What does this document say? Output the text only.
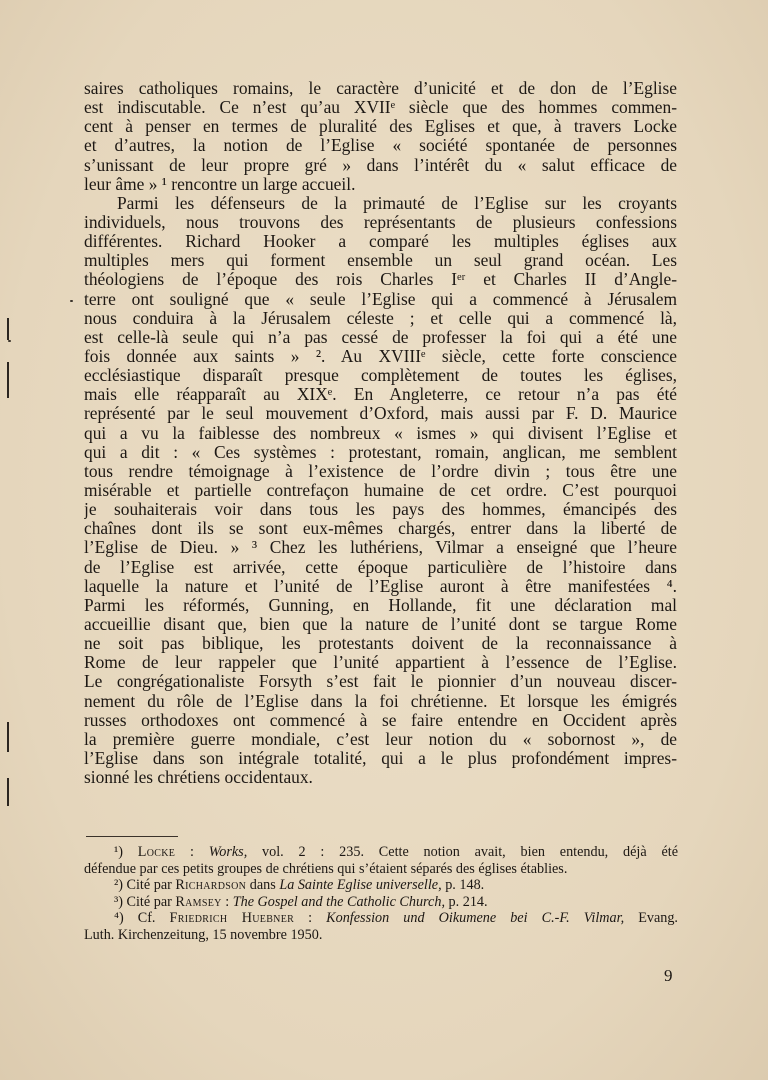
saires catholiques romains, le caractère d’unicité et de don de l’Eglise
est indiscutable. Ce n’est qu’au XVIIᵉ siècle que des hommes commen-
cent à penser en termes de pluralité des Eglises et que, à travers Locke
et d’autres, la notion de l’Eglise « société spontanée de personnes
s’unissant de leur propre gré » dans l’intérêt du « salut efficace de
leur âme » ¹ rencontre un large accueil.
Parmi les défenseurs de la primauté de l’Eglise sur les croyants
individuels, nous trouvons des représentants de plusieurs confessions
différentes. Richard Hooker a comparé les multiples églises aux
multiples mers qui forment ensemble un seul grand océan. Les
théologiens de l’époque des rois Charles Iᵉʳ et Charles II d’Angle-
terre ont souligné que « seule l’Eglise qui a commencé à Jérusalem
nous conduira à la Jérusalem céleste ; et celle qui a commencé là,
est celle-là seule qui n’a pas cessé de professer la foi qui a été une
fois donnée aux saints » ². Au XVIIIᵉ siècle, cette forte conscience
ecclésiastique disparaît presque complètement de toutes les églises,
mais elle réapparaît au XIXᵉ. En Angleterre, ce retour n’a pas été
représenté par le seul mouvement d’Oxford, mais aussi par F. D. Maurice
qui a vu la faiblesse des nombreux « ismes » qui divisent l’Eglise et
qui a dit : « Ces systèmes : protestant, romain, anglican, me semblent
tous rendre témoignage à l’existence de l’ordre divin ; tous être une
misérable et partielle contrefaçon humaine de cet ordre. C’est pourquoi
je souhaiterais voir dans tous les pays des hommes, émancipés des
chaînes dont ils se sont eux-mêmes chargés, entrer dans la liberté de
l’Eglise de Dieu. » ³ Chez les luthériens, Vilmar a enseigné que l’heure
de l’Eglise est arrivée, cette époque particulière de l’histoire dans
laquelle la nature et l’unité de l’Eglise auront à être manifestées ⁴.
Parmi les réformés, Gunning, en Hollande, fit une déclaration mal
accueillie disant que, bien que la nature de l’unité dont se targue Rome
ne soit pas biblique, les protestants doivent de la reconnaissance à
Rome de leur rappeler que l’unité appartient à l’essence de l’Eglise.
Le congrégationaliste Forsyth s’est fait le pionnier d’un nouveau discer-
nement du rôle de l’Eglise dans la foi chrétienne. Et lorsque les émigrés
russes orthodoxes ont commencé à se faire entendre en Occident après
la première guerre mondiale, c’est leur notion du « sobornost », de
l’Eglise dans son intégrale totalité, qui a le plus profondément impres-
sionné les chrétiens occidentaux.
¹) Locke : Works, vol. 2 : 235. Cette notion avait, bien entendu, déjà été
défendue par ces petits groupes de chrétiens qui s’étaient séparés des églises établies.
²) Cité par Richardson dans La Sainte Eglise universelle, p. 148.
³) Cité par Ramsey : The Gospel and the Catholic Church, p. 214.
⁴) Cf. Friedrich Huebner : Konfession und Oikumene bei C.-F. Vilmar, Evang.
Luth. Kirchenzeitung, 15 novembre 1950.
9
